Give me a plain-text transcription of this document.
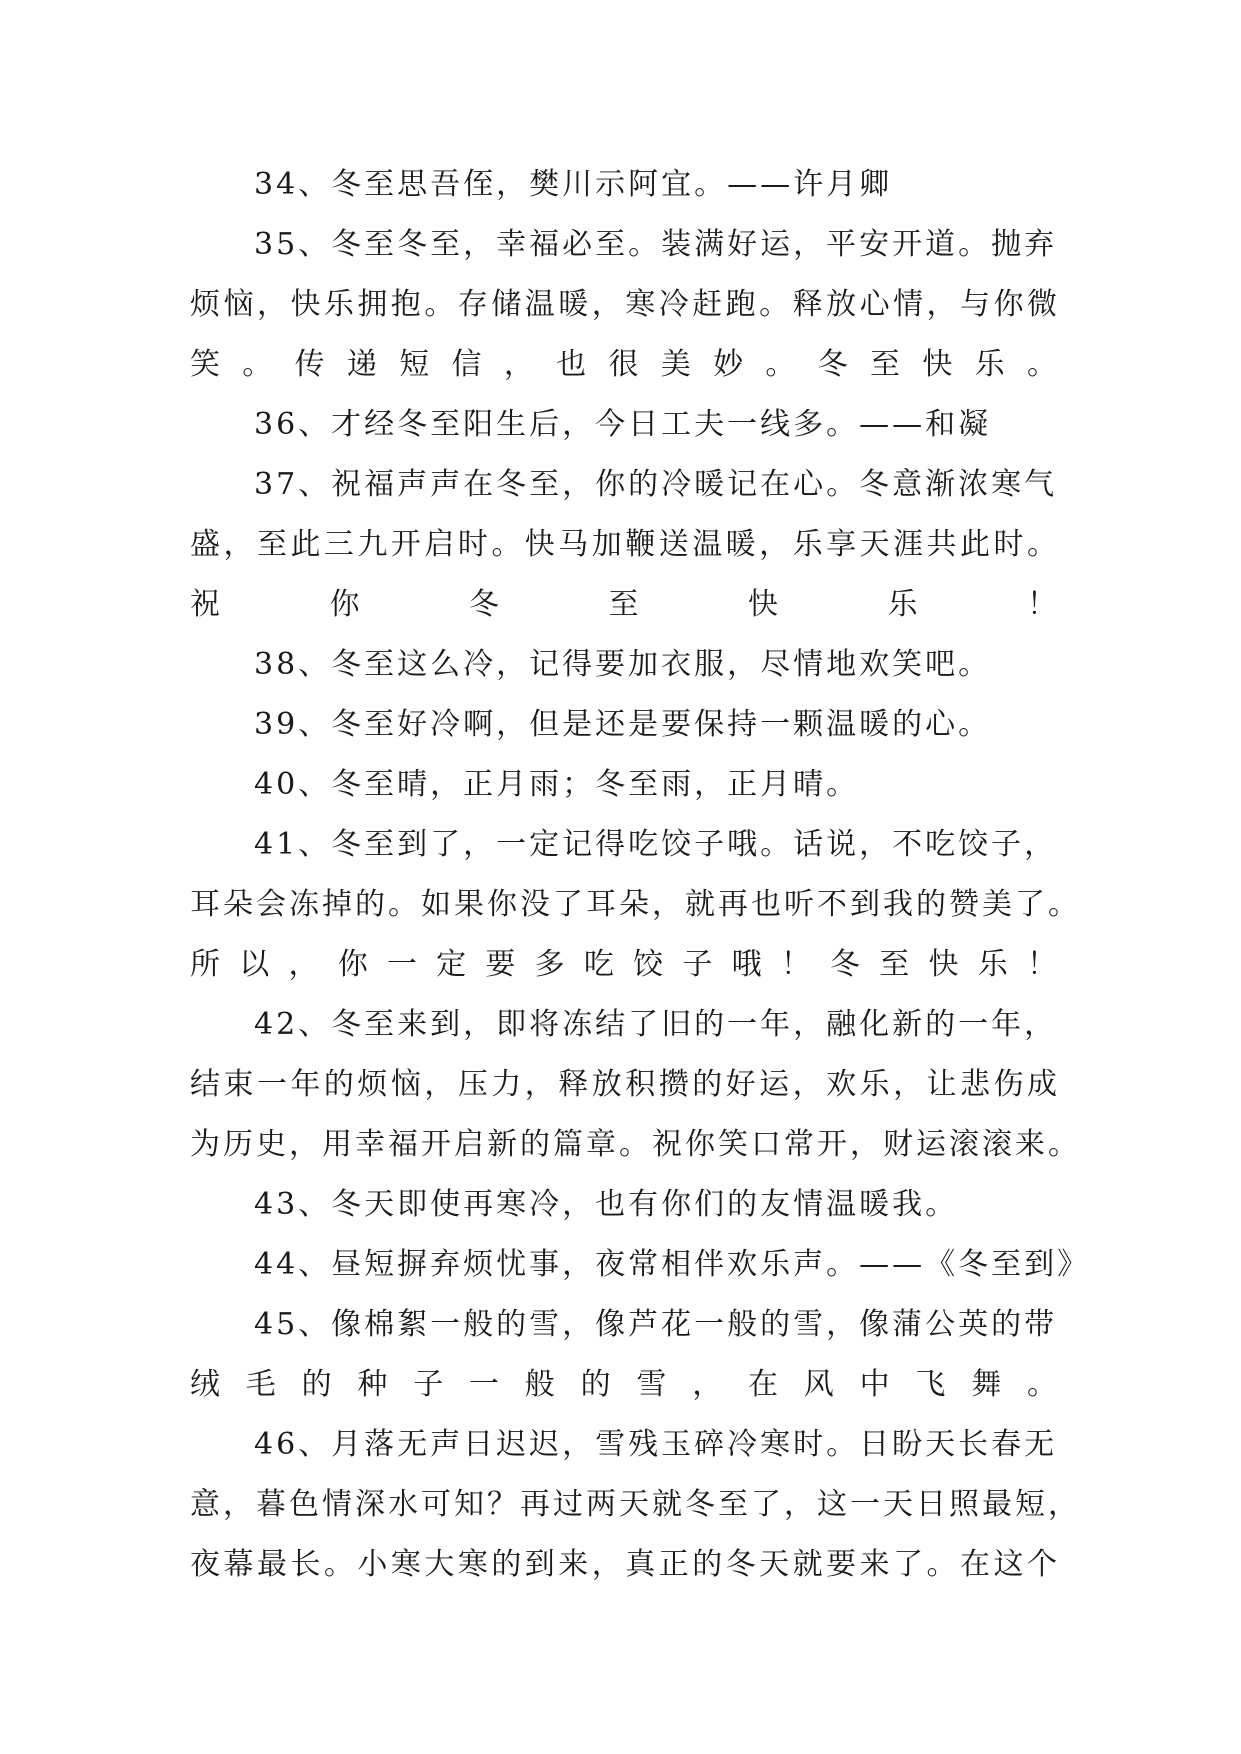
34、冬至思吾侄，樊川示阿宜。——许月卿
35、冬至冬至，幸福必至。装满好运，平安开道。抛弃
烦恼，快乐拥抱。存储温暖，寒冷赶跑。释放心情，与你微
笑。传递短信，也很美妙。冬至快乐。
36、才经冬至阳生后，今日工夫一线多。——和凝
37、祝福声声在冬至，你的冷暖记在心。冬意渐浓寒气
盛，至此三九开启时。快马加鞭送温暖，乐享天涯共此时。
祝你冬至快乐！
38、冬至这么冷，记得要加衣服，尽情地欢笑吧。
39、冬至好冷啊，但是还是要保持一颗温暖的心。
40、冬至晴，正月雨；冬至雨，正月晴。
41、冬至到了，一定记得吃饺子哦。话说，不吃饺子，
耳朵会冻掉的。如果你没了耳朵，就再也听不到我的赞美了。
所以，你一定要多吃饺子哦！冬至快乐！
42、冬至来到，即将冻结了旧的一年，融化新的一年，
结束一年的烦恼，压力，释放积攒的好运，欢乐，让悲伤成
为历史，用幸福开启新的篇章。祝你笑口常开，财运滚滚来。
43、冬天即使再寒冷，也有你们的友情温暖我。
44、昼短摒弃烦忧事，夜常相伴欢乐声。——《冬至到》
45、像棉絮一般的雪，像芦花一般的雪，像蒲公英的带
绒毛的种子一般的雪，在风中飞舞。
46、月落无声日迟迟，雪残玉碎冷寒时。日盼天长春无
意，暮色情深水可知？再过两天就冬至了，这一天日照最短，
夜幕最长。小寒大寒的到来，真正的冬天就要来了。在这个
